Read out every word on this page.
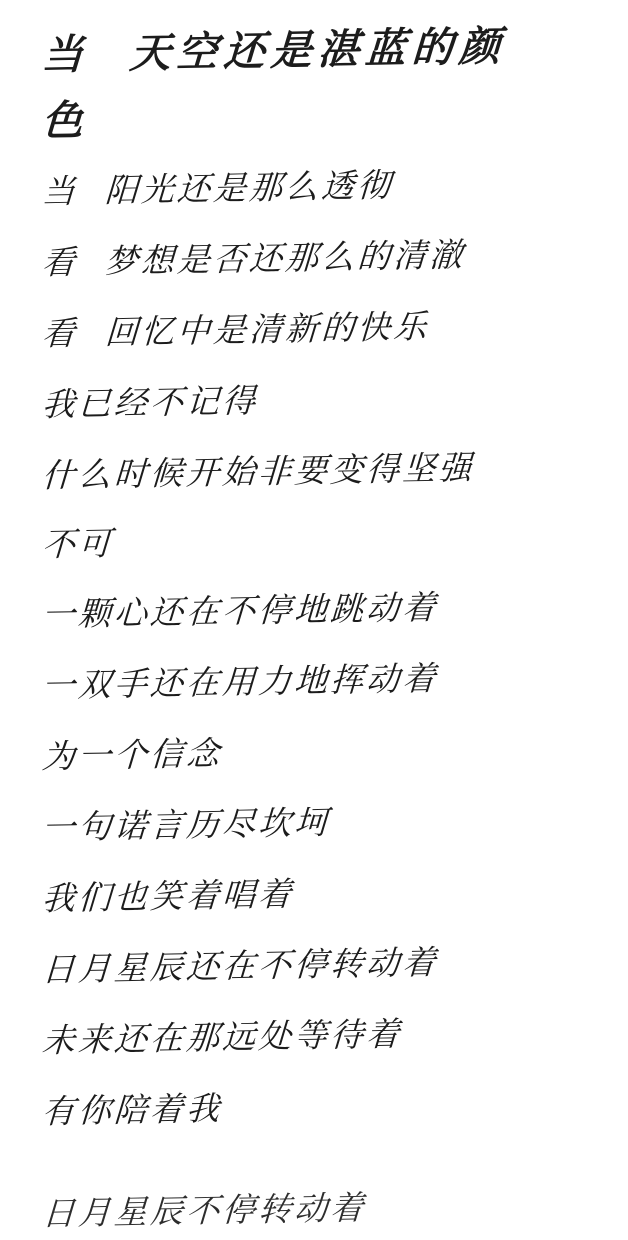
当  天空还是湛蓝的颜
色
当  阳光还是那么透彻
看  梦想是否还那么的清澈
看  回忆中是清新的快乐
我已经不记得
什么时候开始非要变得坚强
不可
一颗心还在不停地跳动着
一双手还在用力地挥动着
为一个信念
一句诺言历尽坎坷
我们也笑着唱着
日月星辰还在不停转动着
未来还在那远处等待着
有你陪着我
日月星辰不停转动着
